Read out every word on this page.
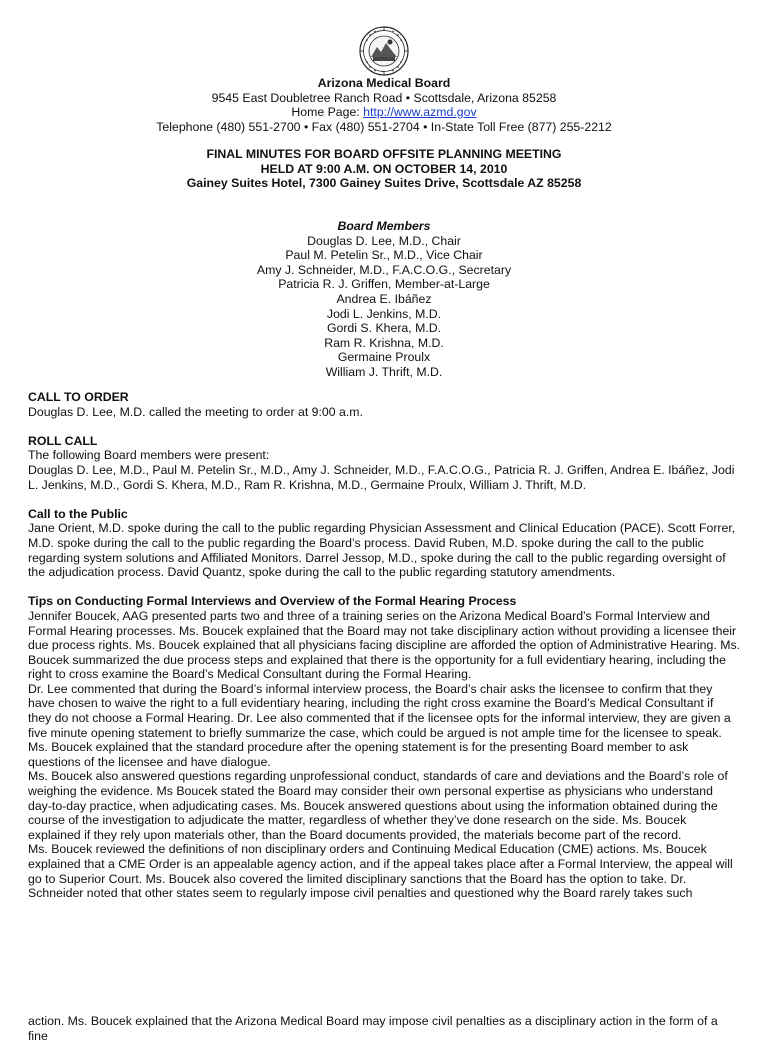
Arizona Medical Board
9545 East Doubletree Ranch Road • Scottsdale, Arizona 85258
Home Page: http://www.azmd.gov
Telephone (480) 551-2700 • Fax (480) 551-2704 • In-State Toll Free (877) 255-2212
FINAL MINUTES FOR BOARD OFFSITE PLANNING MEETING
HELD AT 9:00 A.M. ON OCTOBER 14, 2010
Gainey Suites Hotel, 7300 Gainey Suites Drive, Scottsdale AZ 85258
Board Members
Douglas D. Lee, M.D., Chair
Paul M. Petelin Sr., M.D., Vice Chair
Amy J. Schneider, M.D., F.A.C.O.G., Secretary
Patricia R. J. Griffen, Member-at-Large
Andrea E. Ibáñez
Jodi L. Jenkins, M.D.
Gordi S. Khera, M.D.
Ram R. Krishna, M.D.
Germaine Proulx
William J. Thrift, M.D.
CALL TO ORDER

Douglas D. Lee, M.D. called the meeting to order at 9:00 a.m.

ROLL CALL

The following Board members were present:

Douglas D. Lee, M.D., Paul M. Petelin Sr., M.D., Amy J. Schneider, M.D., F.A.C.O.G., Patricia R. J. Griffen, Andrea E. Ibáñez, Jodi L. Jenkins, M.D., Gordi S. Khera, M.D., Ram R. Krishna, M.D., Germaine Proulx, William J. Thrift, M.D.

Call to the Public

Jane Orient, M.D. spoke during the call to the public regarding Physician Assessment and Clinical Education (PACE). Scott Forrer, M.D. spoke during the call to the public regarding the Board’s process. David Ruben, M.D. spoke during the call to the public regarding system solutions and Affiliated Monitors. Darrel Jessop, M.D., spoke during the call to the public regarding oversight of the adjudication process. David Quantz, spoke during the call to the public regarding statutory amendments.

Tips on Conducting Formal Interviews and Overview of the Formal Hearing Process

Jennifer Boucek, AAG presented parts two and three of a training series on the Arizona Medical Board’s Formal Interview and Formal Hearing processes. Ms. Boucek explained that the Board may not take disciplinary action without providing a licensee their due process rights. Ms. Boucek explained that all physicians facing discipline are afforded the option of Administrative Hearing. Ms. Boucek summarized the due process steps and explained that there is the opportunity for a full evidentiary hearing, including the right to cross examine the Board’s Medical Consultant during the Formal Hearing.

Dr. Lee commented that during the Board’s informal interview process, the Board’s chair asks the licensee to confirm that they have chosen to waive the right to a full evidentiary hearing, including the right cross examine the Board’s Medical Consultant if they do not choose a Formal Hearing. Dr. Lee also commented that if the licensee opts for the informal interview, they are given a five minute opening statement to briefly summarize the case, which could be argued is not ample time for the licensee to speak. Ms. Boucek explained that the standard procedure after the opening statement is for the presenting Board member to ask questions of the licensee and have dialogue.

Ms. Boucek also answered questions regarding unprofessional conduct, standards of care and deviations and the Board’s role of weighing the evidence. Ms Boucek stated the Board may consider their own personal expertise as physicians who understand day-to-day practice, when adjudicating cases. Ms. Boucek answered questions about using the information obtained during the course of the investigation to adjudicate the matter, regardless of whether they’ve done research on the side. Ms. Boucek explained if they rely upon materials other, than the Board documents provided, the materials become part of the record.

Ms. Boucek reviewed the definitions of non disciplinary orders and Continuing Medical Education (CME) actions. Ms. Boucek explained that a CME Order is an appealable agency action, and if the appeal takes place after a Formal Interview, the appeal will go to Superior Court. Ms. Boucek also covered the limited disciplinary sanctions that the Board has the option to take. Dr. Schneider noted that other states seem to regularly impose civil penalties and questioned why the Board rarely takes such

action. Ms. Boucek explained that the Arizona Medical Board may impose civil penalties as a disciplinary action in the form of a fine
